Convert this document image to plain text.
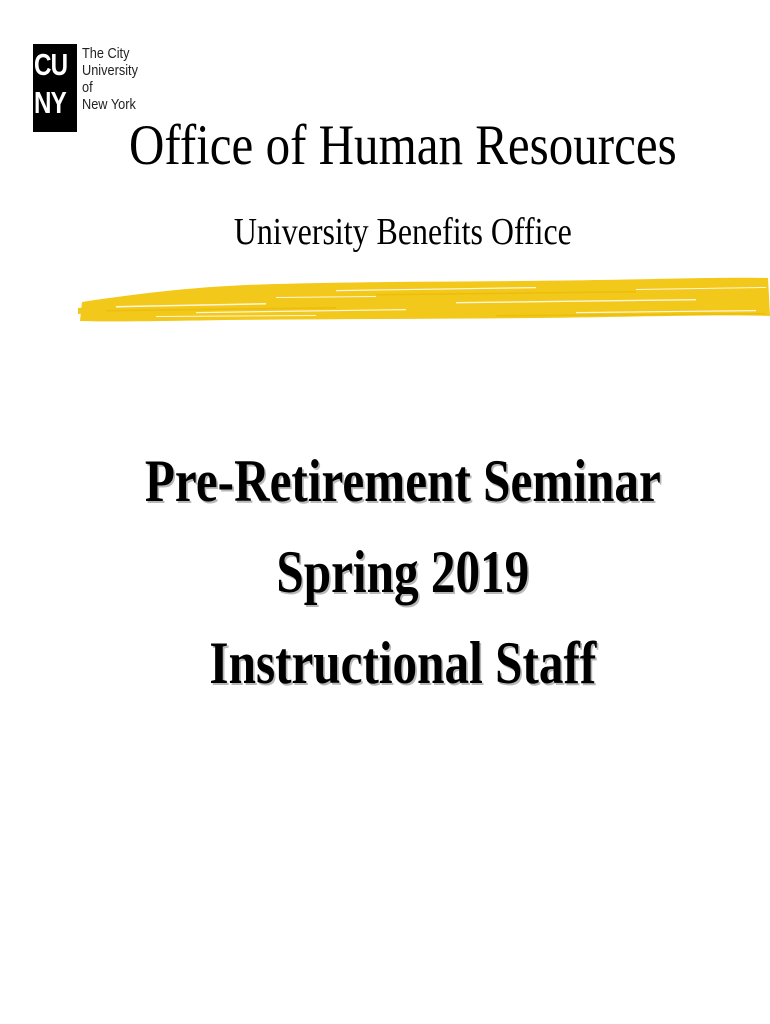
CU
NY
The City
University
of
New York
Office of Human Resources
University Benefits Office
Pre-Retirement Seminar
Spring 2019
Instructional Staff
